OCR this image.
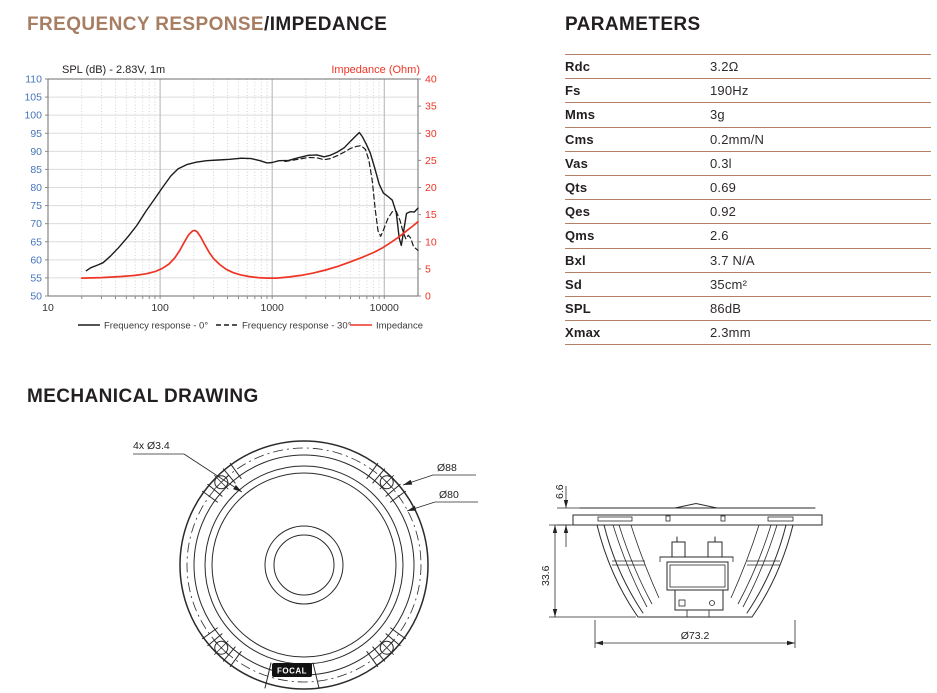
FREQUENCY RESPONSE/IMPEDANCE	PARAMETERS
MECHANICAL DRAWING
50
55
60
65
70
75
80
85
90
95
100
105
110
0
5
10
15
20
25
30
35
40
10	100	1000	10000
SPL (dB) - 2.83V, 1m	Impedance (Ohm)
Frequency response - 0°	Frequency response - 30°	Impedance
Rdc	3.2Ω
Fs	190Hz
Mms	3g
Cms	0.2mm/N
Vas	0.3l
Qts	0.69
Qes	0.92
Qms	2.6
Bxl	3.7 N/A
Sd	35cm²
SPL	86dB
Xmax	2.3mm
FOCAL
4x Ø3.4
Ø88
Ø80	6.6
33.6
Ø73.2
